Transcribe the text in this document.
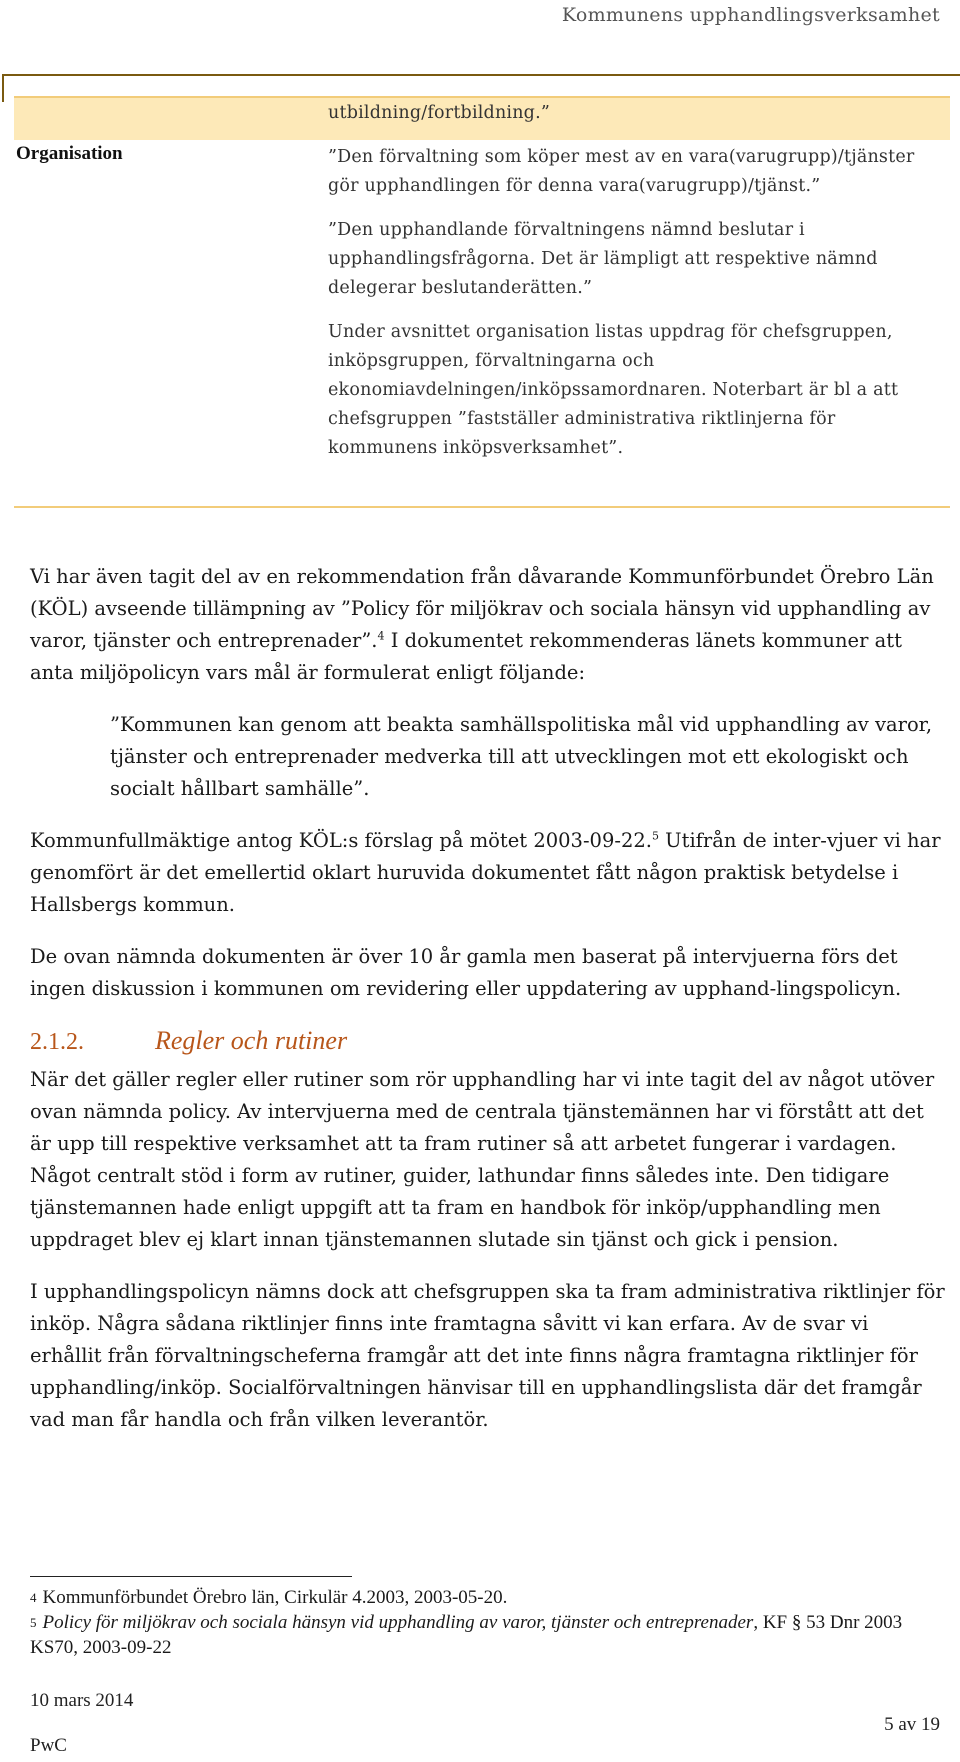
Kommunens upphandlingsverksamhet
Organisation

utbildning/fortbildning.”

”Den förvaltning som köper mest av en vara(varugrupp)/tjänster gör upphandlingen för denna vara(varugrupp)/tjänst.”

”Den upphandlande förvaltningens nämnd beslutar i upphandlingsfrågorna. Det är lämpligt att respektive nämnd delegerar beslutanderätten.”

Under avsnittet organisation listas uppdrag för chefsgruppen, inköpsgruppen, förvaltningarna och ekonomiavdelningen/inköpssamordnaren. Noterbart är bl a att chefsgruppen ”fastställer administrativa riktlinjerna för kommunens inköpsverksamhet”.

Vi har även tagit del av en rekommendation från dåvarande Kommunförbundet Örebro Län (KÖL) avseende tillämpning av ”Policy för miljökrav och sociala hänsyn vid upphandling av varor, tjänster och entreprenader”.$^4$ I dokumentet rekommenderas länets kommuner att anta miljöpolicyn vars mål är formulerat enligt följande:

”Kommunen kan genom att beakta samhällspolitiska mål vid upphandling av varor, tjänster och entreprenader medverka till att utvecklingen mot ett ekologiskt och socialt hållbart samhälle”.

Kommunfullmäktige antog KÖL:s förslag på mötet 2003-09-22.$^5$ Utifrån de inter-vjuer vi har genomfört är det emellertid oklart huruvida dokumentet fått någon praktisk betydelse i Hallsbergs kommun.

De ovan nämnda dokumenten är över 10 år gamla men baserat på intervjuerna förs det ingen diskussion i kommunen om revidering eller uppdatering av upphand-lingspolicyn.

2.1.2.	Regler och rutiner

När det gäller regler eller rutiner som rör upphandling har vi inte tagit del av något utöver ovan nämnda policy. Av intervjuerna med de centrala tjänstemännen har vi förstått att det är upp till respektive verksamhet att ta fram rutiner så att arbetet fungerar i vardagen. Något centralt stöd i form av rutiner, guider, lathundar finns således inte. Den tidigare tjänstemannen hade enligt uppgift att ta fram en handbok för inköp/upphandling men uppdraget blev ej klart innan tjänstemannen slutade sin tjänst och gick i pension.

I upphandlingspolicyn nämns dock att chefsgruppen ska ta fram administrativa riktlinjer för inköp. Några sådana riktlinjer finns inte framtagna såvitt vi kan erfara. Av de svar vi erhållit från förvaltningscheferna framgår att det inte finns några framtagna riktlinjer för upphandling/inköp. Socialförvaltningen hänvisar till en upphandlingslista där det framgår vad man får handla och från vilken leverantör.

$^4$ Kommunförbundet Örebro län, Cirkulär 4.2003, 2003-05-20.

$^5$ Policy för miljökrav och sociala hänsyn vid upphandling av varor, tjänster och entreprenader, KF § 53 Dnr 2003 KS70, 2003-09-22

10 mars 2014
PwC
5 av 19
